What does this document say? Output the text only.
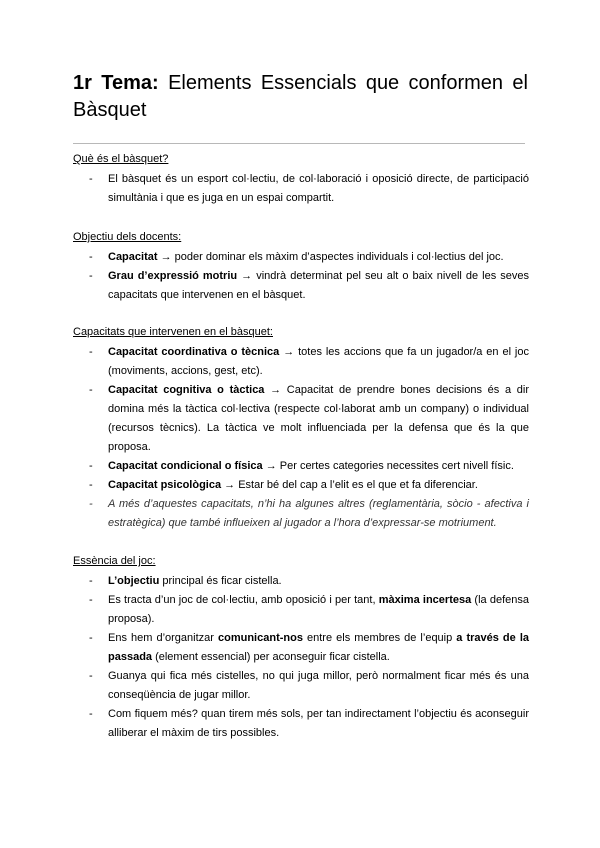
1r Tema: Elements Essencials que conformen el Bàsquet
Què és el bàsquet?
- El bàsquet és un esport col·lectiu, de col·laboració i oposició directe, de participació simultània i que es juga en un espai compartit.
Objectiu dels docents:
- Capacitat → poder dominar els màxim d’aspectes individuals i col·lectius del joc.
- Grau d’expressió motriu → vindrà determinat pel seu alt o baix nivell de les seves capacitats que intervenen en el bàsquet.
Capacitats que intervenen en el bàsquet:
- Capacitat coordinativa o tècnica → totes les accions que fa un jugador/a en el joc (moviments, accions, gest, etc).
- Capacitat cognitiva o tàctica → Capacitat de prendre bones decisions és a dir domina més la tàctica col·lectiva (respecte col·laborat amb un company) o individual (recursos tècnics). La tàctica ve molt influenciada per la defensa que és la que proposa.
- Capacitat condicional o física → Per certes categories necessites cert nivell físic.
- Capacitat psicològica → Estar bé del cap a l’elit es el que et fa diferenciar.
- A més d’aquestes capacitats, n’hi ha algunes altres (reglamentària, sòcio - afectiva i estratègica) que també influeixen al jugador a l’hora d’expressar-se motriument.
Essència del joc:
- L’objectiu principal és ficar cistella.
- Es tracta d’un joc de col·lectiu, amb oposició i per tant, màxima incertesa (la defensa proposa).
- Ens hem d’organitzar comunicant-nos entre els membres de l’equip a través de la passada (element essencial) per aconseguir ficar cistella.
- Guanya qui fica més cistelles, no qui juga millor, però normalment ficar més és una conseqüència de jugar millor.
- Com fiquem més? quan tirem més sols, per tan indirectament l’objectiu és aconseguir alliberar el màxim de tirs possibles.
